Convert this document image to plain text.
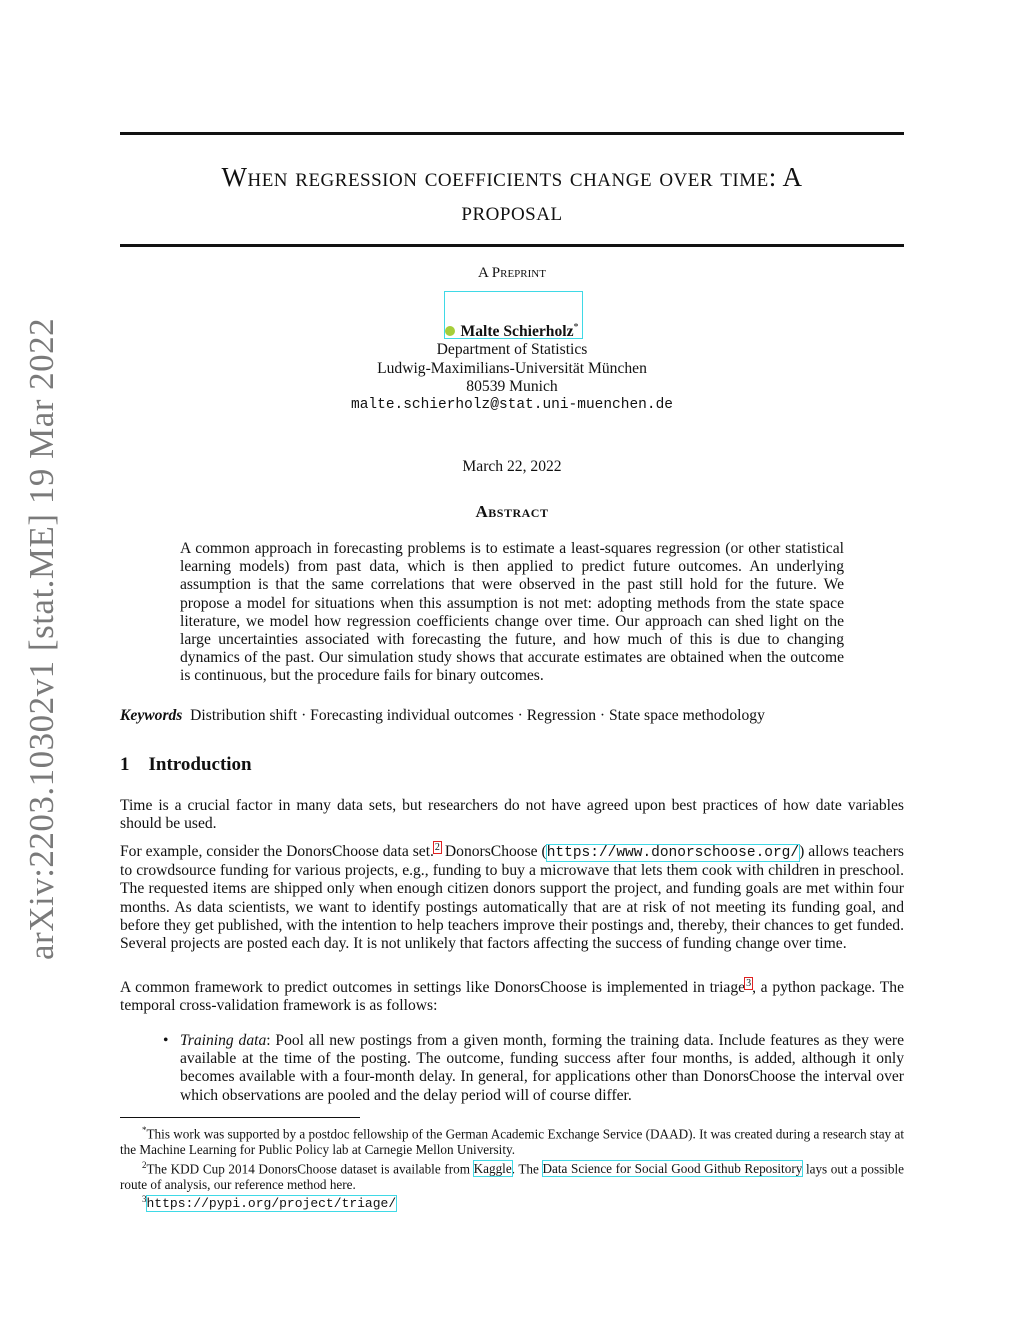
arXiv:2203.10302v1 [stat.ME] 19 Mar 2022
When regression coefficients change over time: A
proposal
A Preprint
Malte Schierholz*
Department of Statistics
Ludwig-Maximilians-Universität München
80539 Munich
malte.schierholz@stat.uni-muenchen.de
March 22, 2022
Abstract
A common approach in forecasting problems is to estimate a least-squares regression (or other statistical learning models) from past data, which is then applied to predict future outcomes. An underlying assumption is that the same correlations that were observed in the past still hold for the future. We propose a model for situations when this assumption is not met: adopting methods from the state space literature, we model how regression coefficients change over time. Our approach can shed light on the large uncertainties associated with forecasting the future, and how much of this is due to changing dynamics of the past. Our simulation study shows that accurate estimates are obtained when the outcome is continuous, but the procedure fails for binary outcomes.
Keywords Distribution shift · Forecasting individual outcomes · Regression · State space methodology
1 Introduction
Time is a crucial factor in many data sets, but researchers do not have agreed upon best practices of how date variables should be used.
For example, consider the DonorsChoose data set.$^2$ DonorsChoose (https://www.donorschoose.org/) allows teachers to crowdsource funding for various projects, e.g., funding to buy a microwave that lets them cook with children in preschool. The requested items are shipped only when enough citizen donors support the project, and funding goals are met within four months. As data scientists, we want to identify postings automatically that are at risk of not meeting its funding goal, and before they get published, with the intention to help teachers improve their postings and, thereby, their chances to get funded. Several projects are posted each day. It is not unlikely that factors affecting the success of funding change over time.
A common framework to predict outcomes in settings like DonorsChoose is implemented in triage$^3$, a python package. The temporal cross-validation framework is as follows:
• Training data: Pool all new postings from a given month, forming the training data. Include features as they were available at the time of the posting. The outcome, funding success after four months, is added, although it only becomes available with a four-month delay. In general, for applications other than DonorsChoose the interval over which observations are pooled and the delay period will of course differ.
*This work was supported by a postdoc fellowship of the German Academic Exchange Service (DAAD). It was created during a research stay at the Machine Learning for Public Policy lab at Carnegie Mellon University.
$^2$The KDD Cup 2014 DonorsChoose dataset is available from Kaggle. The Data Science for Social Good Github Repository lays out a possible route of analysis, our reference method here.
$^3$https://pypi.org/project/triage/
